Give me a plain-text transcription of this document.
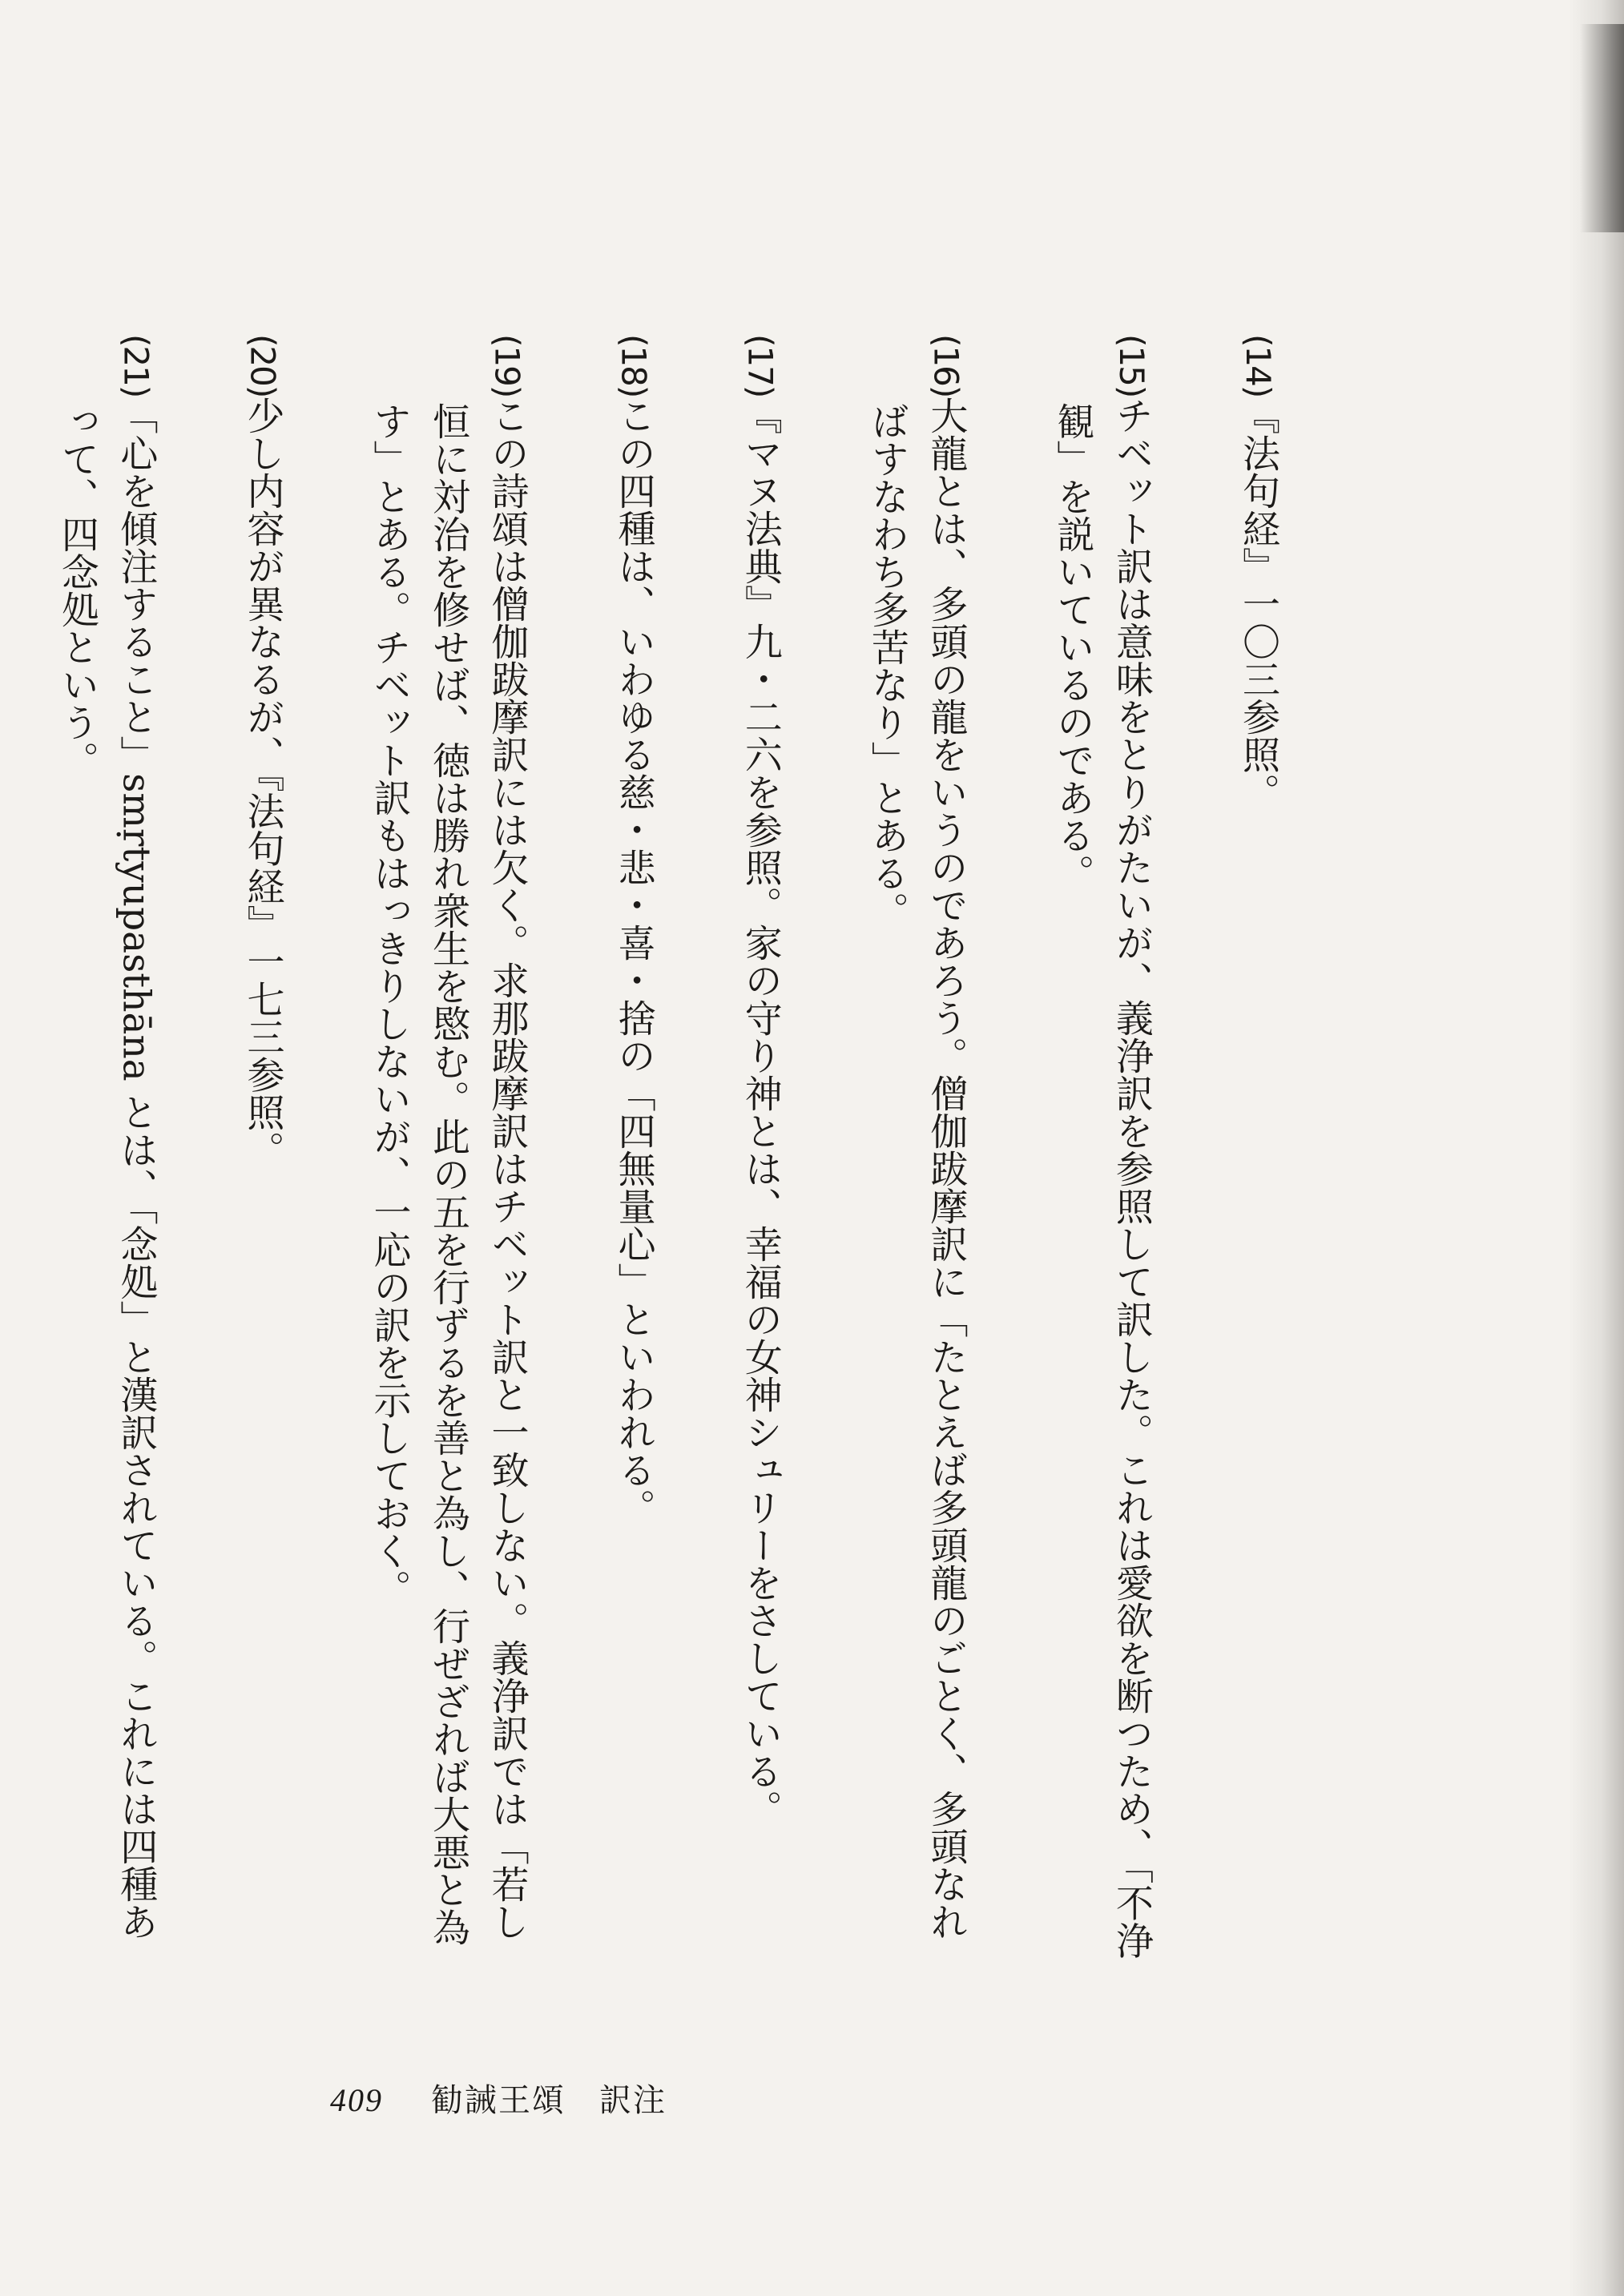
(14)『法句経』一〇三参照。

(15)チベット訳は意味をとりがたいが、義浄訳を参照して訳した。これは愛欲を断つため、「不浄観」を説いているのである。

(16)大龍とは、多頭の龍をいうのであろう。僧伽跋摩訳に「たとえば多頭龍のごとく、多頭なればすなわち多苦なり」とある。

(17)『マヌ法典』九・二六を参照。家の守り神とは、幸福の女神シュリーをさしている。

(18)この四種は、いわゆる慈・悲・喜・捨の「四無量心」といわれる。

(19)この詩頌は僧伽跋摩訳には欠く。求那跋摩訳はチベット訳と一致しない。義浄訳では「若し恒に対治を修せば、徳は勝れ衆生を愍む。此の五を行ずるを善と為し、行ぜざれば大悪と為す」とある。チベット訳もはっきりしないが、一応の訳を示しておく。

(20)少し内容が異なるが、『法句経』一七三参照。

(21)「心を傾注すること」smṛtyupasthāna とは、「念処」と漢訳されている。これには四種あって、四念処という。

409 勧誡王頌　訳注
